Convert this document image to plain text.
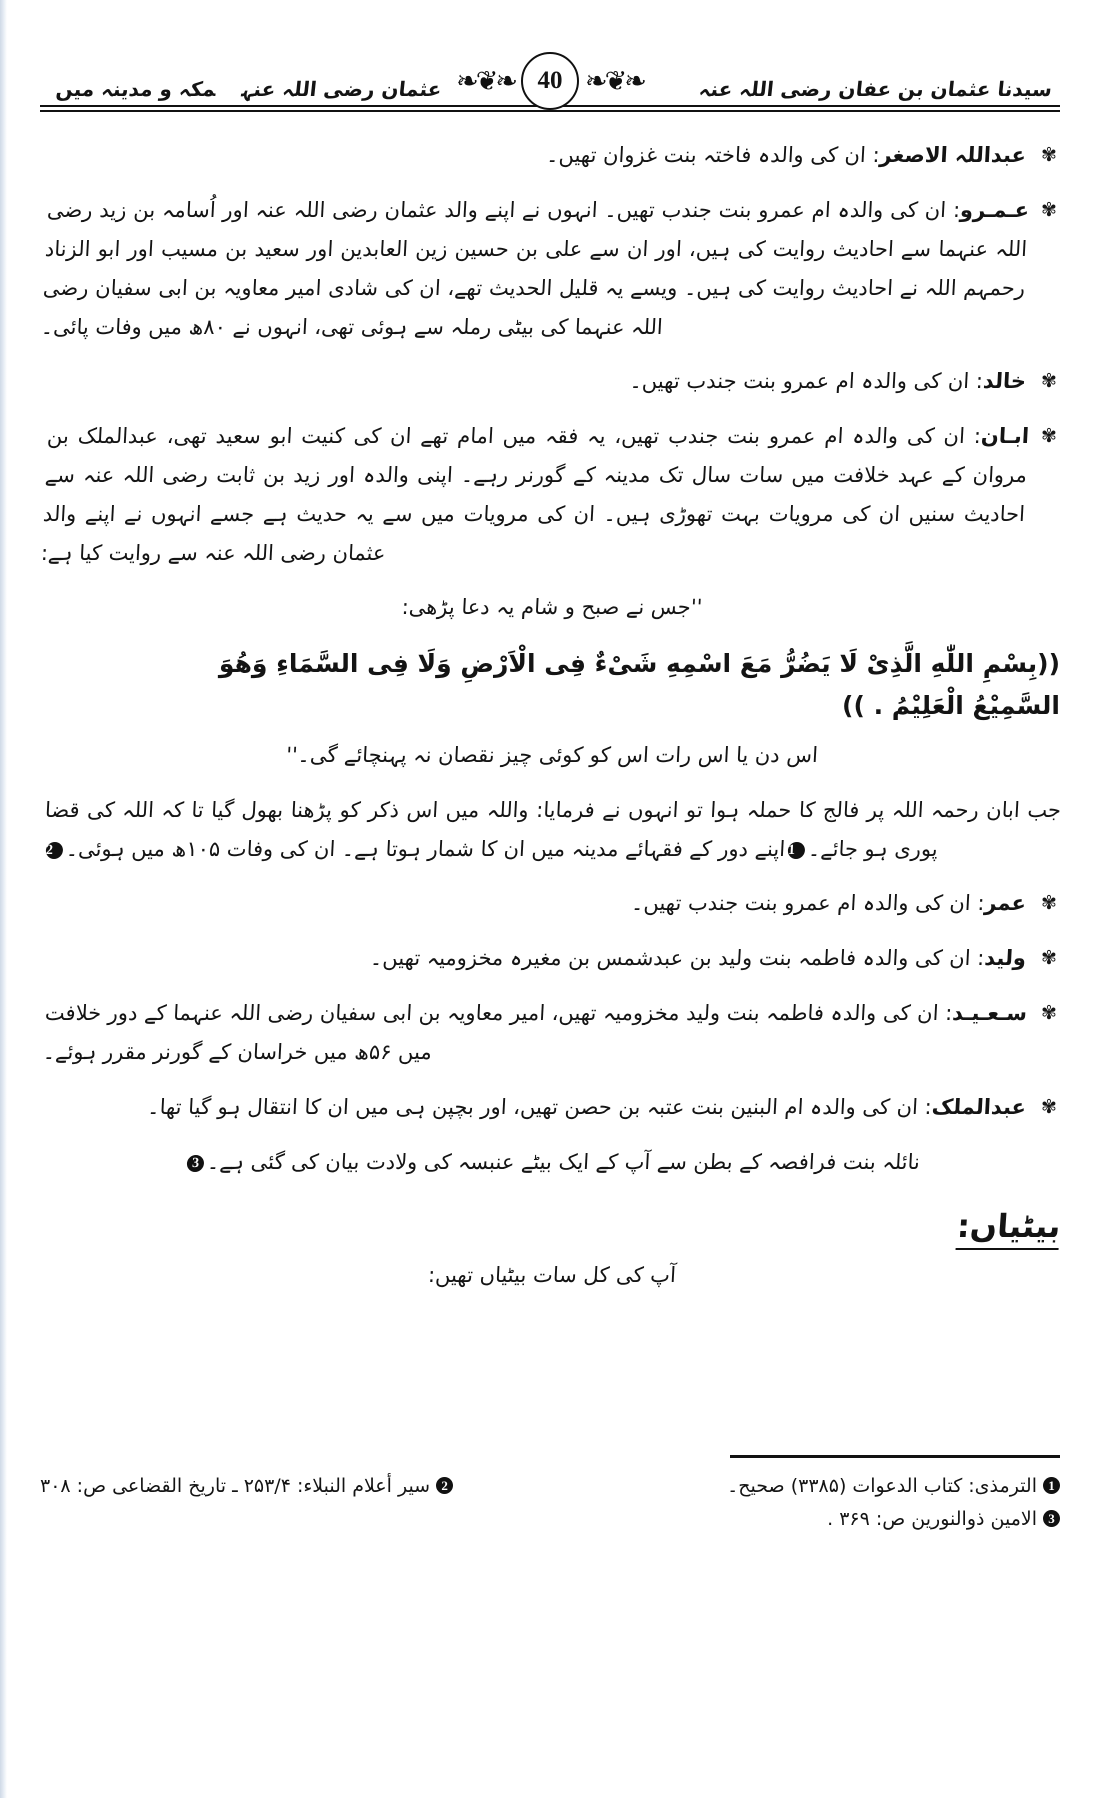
سیدنا عثمان بن عفان رضی اللہ عنہ
عثمان رضی اللہ عنہمکہ و مدینہ میں	❧❦❧
40
❧❦❧
✾
عبداللہ الاصغر: ان کی والدہ فاختہ بنت غزوان تھیں۔
✾
عـمـرو: ان کی والدہ ام عمرو بنت جندب تھیں۔ انہوں نے اپنے والد عثمان رضی اللہ عنہ اور اُسامہ بن زید رضی اللہ عنہما سے احادیث روایت کی ہیں، اور ان سے علی بن حسین زین العابدین اور سعید بن مسیب اور ابو الزناد رحمہم اللہ نے احادیث روایت کی ہیں۔ ویسے یہ قلیل الحدیث تھے، ان کی شادی امیر معاویہ بن ابی سفیان رضی اللہ عنہما کی بیٹی رملہ سے ہوئی تھی، انہوں نے ۸۰ھ میں وفات پائی۔
✾
خالد: ان کی والدہ ام عمرو بنت جندب تھیں۔
✾
ابـان: ان کی والدہ ام عمرو بنت جندب تھیں، یہ فقہ میں امام تھے ان کی کنیت ابو سعید تھی، عبدالملک بن مروان کے عہد خلافت میں سات سال تک مدینہ کے گورنر رہے۔ اپنی والدہ اور زید بن ثابت رضی اللہ عنہ سے احادیث سنیں ان کی مرویات بہت تھوڑی ہیں۔ ان کی مرویات میں سے یہ حدیث ہے جسے انہوں نے اپنے والد عثمان رضی اللہ عنہ سے روایت کیا ہے:
''جس نے صبح و شام یہ دعا پڑھی:
((بِسْمِ اللّٰهِ الَّذِىْ لَا يَضُرُّ مَعَ اسْمِهِ شَىْءٌ فِى الْاَرْضِ وَلَا فِى السَّمَاءِ وَهُوَ
السَّمِيْعُ الْعَلِيْمُ . ))
اس دن یا اس رات اس کو کوئی چیز نقصان نہ پہنچائے گی۔''
جب ابان رحمہ اللہ پر فالج کا حملہ ہوا تو انہوں نے فرمایا: واللہ میں اس ذکر کو پڑھنا بھول گیا تا کہ اللہ کی قضا پوری ہو جائے۔1اپنے دور کے فقہائے مدینہ میں ان کا شمار ہوتا ہے۔ ان کی وفات ۱۰۵ھ میں ہوئی۔2
✾
عمر: ان کی والدہ ام عمرو بنت جندب تھیں۔
✾
ولید: ان کی والدہ فاطمہ بنت ولید بن عبدشمس بن مغیرہ مخزومیہ تھیں۔
✾
سـعـیـد: ان کی والدہ فاطمہ بنت ولید مخزومیہ تھیں، امیر معاویہ بن ابی سفیان رضی اللہ عنہما کے دور خلافت میں ۵۶ھ میں خراسان کے گورنر مقرر ہوئے۔
✾
عبدالملک: ان کی والدہ ام البنین بنت عتبہ بن حصن تھیں، اور بچپن ہی میں ان کا انتقال ہو گیا تھا۔
نائلہ بنت فرافصہ کے بطن سے آپ کے ایک بیٹے عنبسہ کی ولادت بیان کی گئی ہے۔3
بیٹیاں:
آپ کی کل سات بیٹیاں تھیں:
1الترمذی: کتاب الدعوات (۳۳۸۵) صحیح۔
2سیر أعلام النبلاء: ۲۵۳/۴ ـ تاریخ القضاعی ص: ۳۰۸
3الامین ذوالنورین ص: ۳۶۹ .
